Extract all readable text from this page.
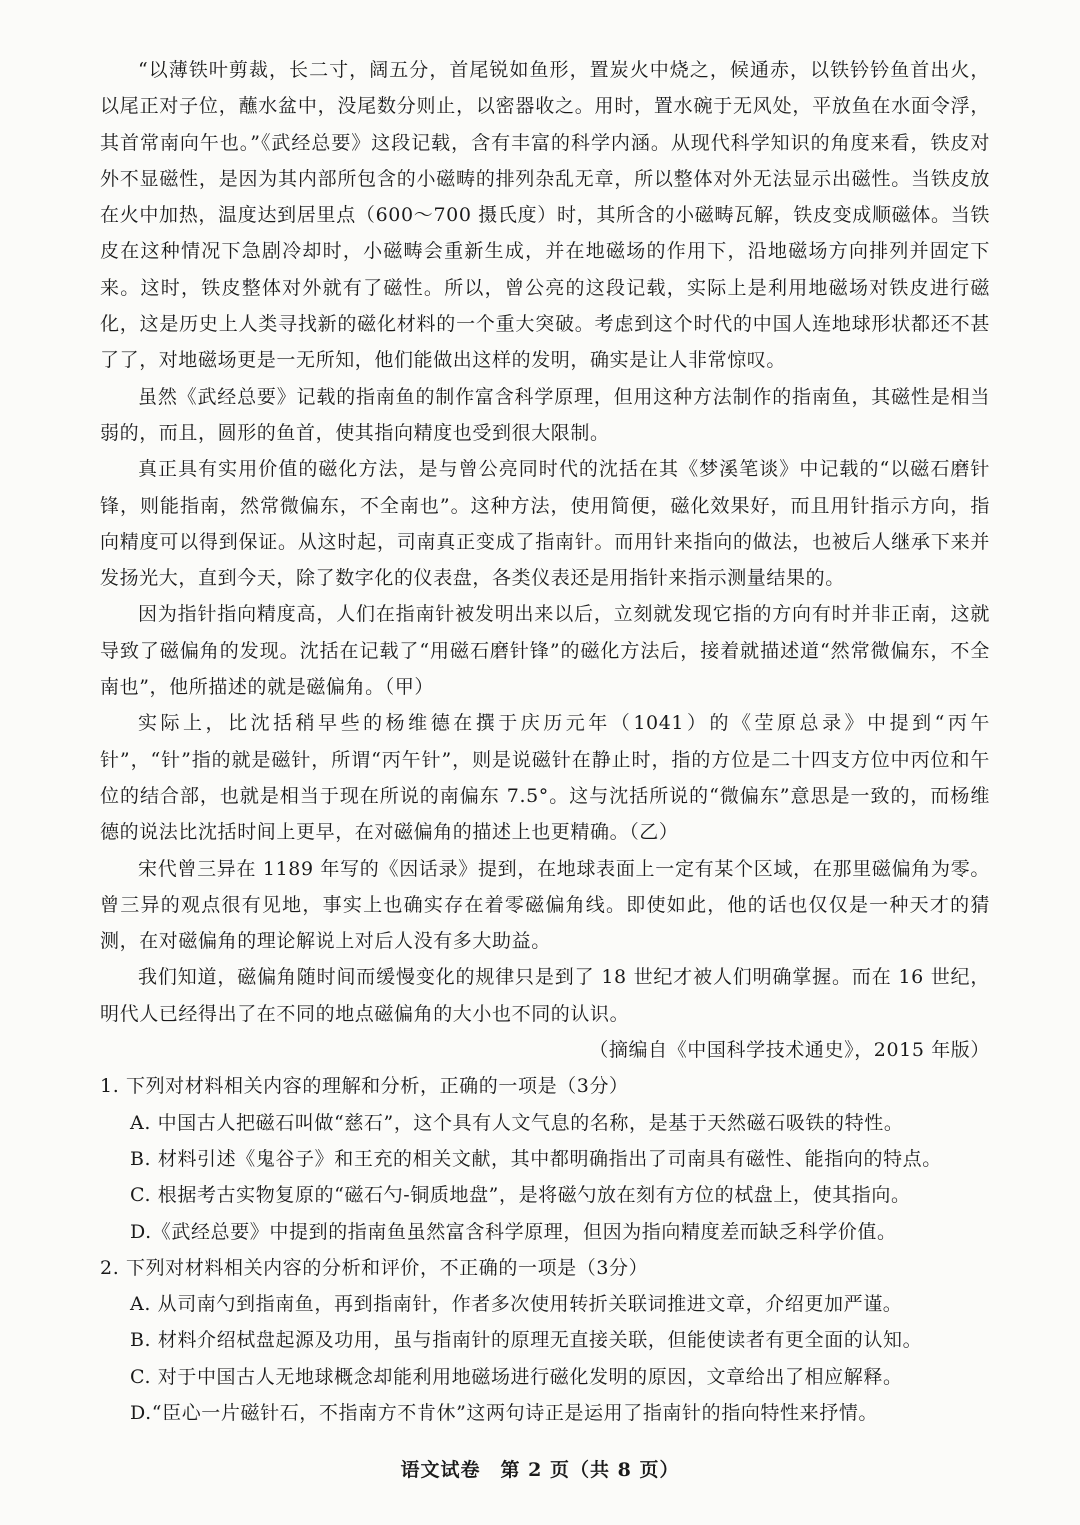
“以薄铁叶剪裁，长二寸，阔五分，首尾锐如鱼形，置炭火中烧之，候通赤，以铁钤钤鱼首出火，以尾正对子位，蘸水盆中，没尾数分则止，以密器收之。用时，置水碗于无风处，平放鱼在水面令浮，其首常南向午也。”《武经总要》这段记载，含有丰富的科学内涵。从现代科学知识的角度来看，铁皮对外不显磁性，是因为其内部所包含的小磁畴的排列杂乱无章，所以整体对外无法显示出磁性。当铁皮放在火中加热，温度达到居里点（600～700 摄氏度）时，其所含的小磁畴瓦解，铁皮变成顺磁体。当铁皮在这种情况下急剧冷却时，小磁畴会重新生成，并在地磁场的作用下，沿地磁场方向排列并固定下来。这时，铁皮整体对外就有了磁性。所以，曾公亮的这段记载，实际上是利用地磁场对铁皮进行磁化，这是历史上人类寻找新的磁化材料的一个重大突破。考虑到这个时代的中国人连地球形状都还不甚了了，对地磁场更是一无所知，他们能做出这样的发明，确实是让人非常惊叹。

虽然《武经总要》记载的指南鱼的制作富含科学原理，但用这种方法制作的指南鱼，其磁性是相当弱的，而且，圆形的鱼首，使其指向精度也受到很大限制。

真正具有实用价值的磁化方法，是与曾公亮同时代的沈括在其《梦溪笔谈》中记载的“以磁石磨针锋，则能指南，然常微偏东，不全南也”。这种方法，使用简便，磁化效果好，而且用针指示方向，指向精度可以得到保证。从这时起，司南真正变成了指南针。而用针来指向的做法，也被后人继承下来并发扬光大，直到今天，除了数字化的仪表盘，各类仪表还是用指针来指示测量结果的。

因为指针指向精度高，人们在指南针被发明出来以后，立刻就发现它指的方向有时并非正南，这就导致了磁偏角的发现。沈括在记载了“用磁石磨针锋”的磁化方法后，接着就描述道“然常微偏东，不全南也”，他所描述的就是磁偏角。（甲）

实际上，比沈括稍早些的杨维德在撰于庆历元年（1041）的《茔原总录》中提到“丙午针”，“针”指的就是磁针，所谓“丙午针”，则是说磁针在静止时，指的方位是二十四支方位中丙位和午位的结合部，也就是相当于现在所说的南偏东 7.5°。这与沈括所说的“微偏东”意思是一致的，而杨维德的说法比沈括时间上更早，在对磁偏角的描述上也更精确。（乙）

宋代曾三异在 1189 年写的《因话录》提到，在地球表面上一定有某个区域，在那里磁偏角为零。曾三异的观点很有见地，事实上也确实存在着零磁偏角线。即使如此，他的话也仅仅是一种天才的猜测，在对磁偏角的理论解说上对后人没有多大助益。

我们知道，磁偏角随时间而缓慢变化的规律只是到了 18 世纪才被人们明确掌握。而在 16 世纪，明代人已经得出了在不同的地点磁偏角的大小也不同的认识。

（摘编自《中国科学技术通史》，2015 年版）

1. 下列对材料相关内容的理解和分析，正确的一项是（3分）

A. 中国古人把磁石叫做“慈石”，这个具有人文气息的名称，是基于天然磁石吸铁的特性。

B. 材料引述《鬼谷子》和王充的相关文献，其中都明确指出了司南具有磁性、能指向的特点。

C. 根据考古实物复原的“磁石勺-铜质地盘”，是将磁勺放在刻有方位的栻盘上，使其指向。

D.《武经总要》中提到的指南鱼虽然富含科学原理，但因为指向精度差而缺乏科学价值。

2. 下列对材料相关内容的分析和评价，不正确的一项是（3分）

A. 从司南勺到指南鱼，再到指南针，作者多次使用转折关联词推进文章，介绍更加严谨。

B. 材料介绍栻盘起源及功用，虽与指南针的原理无直接关联，但能使读者有更全面的认知。

C. 对于中国古人无地球概念却能利用地磁场进行磁化发明的原因，文章给出了相应解释。

D.“臣心一片磁针石，不指南方不肯休”这两句诗正是运用了指南针的指向特性来抒情。

语文试卷　第 2 页（共 8 页）
